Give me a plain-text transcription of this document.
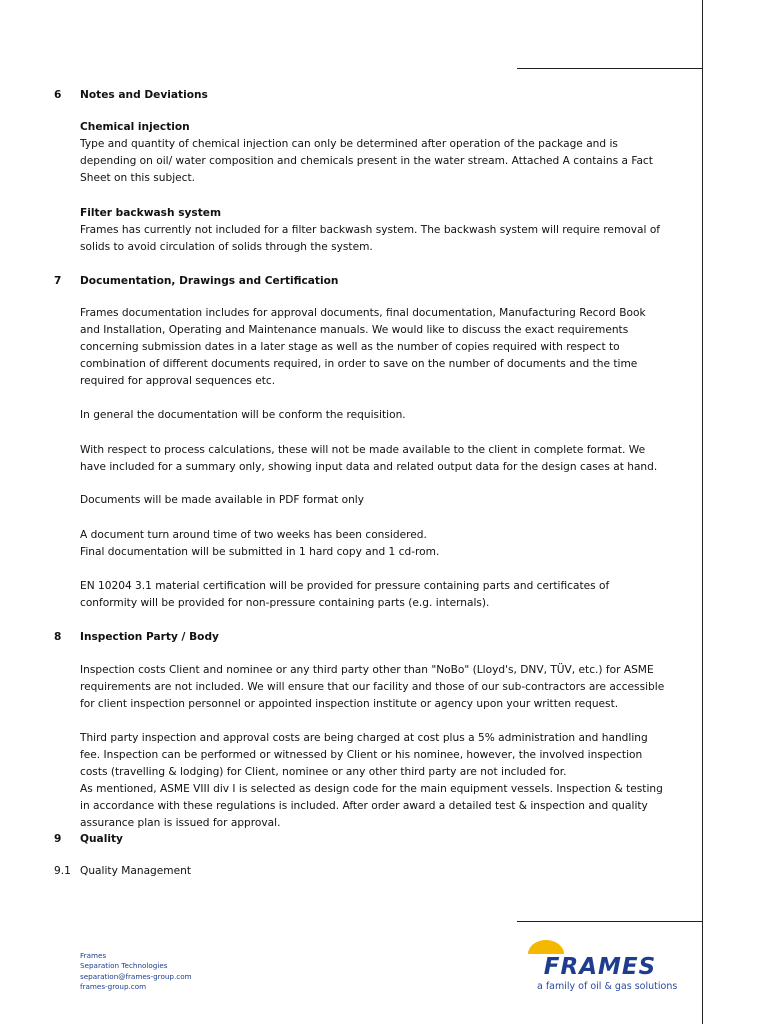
6 Notes and Deviations
Chemical injection
Type and quantity of chemical injection can only be determined after operation of the package and is
depending on oil/ water composition and chemicals present in the water stream. Attached A contains a Fact
Sheet on this subject.
Filter backwash system
Frames has currently not included for a filter backwash system. The backwash system will require removal of
solids to avoid circulation of solids through the system.
7 Documentation, Drawings and Certification
Frames documentation includes for approval documents, final documentation, Manufacturing Record Book
and Installation, Operating and Maintenance manuals. We would like to discuss the exact requirements
concerning submission dates in a later stage as well as the number of copies required with respect to
combination of different documents required, in order to save on the number of documents and the time
required for approval sequences etc.
In general the documentation will be conform the requisition.
With respect to process calculations, these will not be made available to the client in complete format. We
have included for a summary only, showing input data and related output data for the design cases at hand.
Documents will be made available in PDF format only
A document turn around time of two weeks has been considered.
Final documentation will be submitted in 1 hard copy and 1 cd-rom.
EN 10204 3.1 material certification will be provided for pressure containing parts and certificates of
conformity will be provided for non-pressure containing parts (e.g. internals).
8 Inspection Party / Body
Inspection costs Client and nominee or any third party other than "NoBo" (Lloyd's, DNV, TÜV, etc.) for ASME
requirements are not included. We will ensure that our facility and those of our sub-contractors are accessible
for client inspection personnel or appointed inspection institute or agency upon your written request.
Third party inspection and approval costs are being charged at cost plus a 5% administration and handling
fee. Inspection can be performed or witnessed by Client or his nominee, however, the involved inspection
costs (travelling & lodging) for Client, nominee or any other third party are not included for.
As mentioned, ASME VIII div I is selected as design code for the main equipment vessels. Inspection & testing
in accordance with these regulations is included. After order award a detailed test & inspection and quality
assurance plan is issued for approval.
9 Quality
9.1 Quality Management
Frames
Separation Technologies
separation@frames-group.com
frames-group.com
FRAMES
a family of oil & gas solutions
